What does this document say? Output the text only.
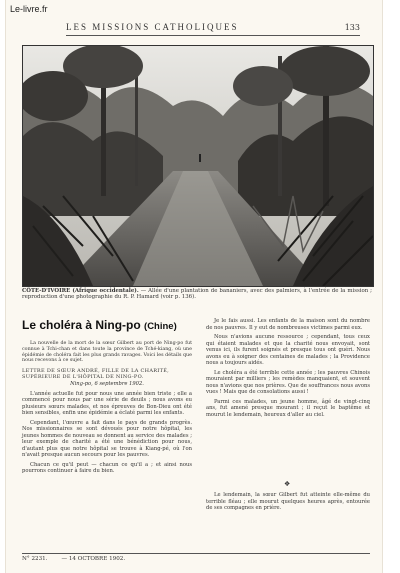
Le-livre.fr
LES MISSIONS CATHOLIQUES	133
CÔTE-D'IVOIRE (Afrique occidentale). — Allée d'une plantation de bananiers, avec des palmiers, à l'entrée de la mission ; reproduction d'une photographie du R. P. Hamard (voir p. 136).
Le choléra à Ning-po (Chine)

La nouvelle de la mort de la sœur Gilbert au port de Ning-po fut connue à Tchi-chan et dans toute la province de Tché-kiang, où une épidémie de choléra fait les plus grands ravages. Voici les détails que nous recevons à ce sujet.

LETTRE DE SŒUR ANDRÉ, FILLE DE LA CHARITÉ, SUPÉRIEURE DE L'HÔPITAL DE NING-PO.
Ning-po, 6 septembre 1902.

L'année actuelle fut pour nous une année bien triste ; elle a commencé pour nous par une série de deuils ; nous avons eu plusieurs sœurs malades, et nos épreuves de Bon-Dieu ont été bien sensibles, enfin une épidémie a éclaté parmi les enfants.

Cependant, l'œuvre a fait dans le pays de grands progrès. Nos missionnaires se sont dévoués pour notre hôpital, les jeunes hommes de nouveau se donnent au service des malades ; leur exemple de charité a été une bénédiction pour nous, d'autant plus que notre hôpital se trouve à Kiang-pé, où l'on n'avait presque aucun secours pour les pauvres.

Chacun ce qu'il peut — chacun ce qu'il a ; et ainsi nous pourrons continuer à faire du bien.

Je le fais aussi. Les enfants de la maison sont du nombre de nos pauvres. Il y eut de nombreuses victimes parmi eux.

Nous n'avions aucune ressource ; cependant, tous ceux qui étaient malades et que la charité nous envoyait, sont venus ici, ils furent soignés et presque tous ont guéri. Nous avons eu à soigner des centaines de malades ; la Providence nous a toujours aidés.

Le choléra a été terrible cette année ; les pauvres Chinois mouraient par milliers ; les remèdes manquaient, et souvent nous n'avions que nos prières. Que de souffrances nous avons vues ! Mais que de consolations aussi !

Parmi ces malades, un jeune homme, âgé de vingt-cinq ans, fut amené presque mourant ; il reçut le baptême et mourut le lendemain, heureux d'aller au ciel.

❖

Le lendemain, la sœur Gilbert fut atteinte elle-même du terrible fléau ; elle mourut quelques heures après, entourée de ses compagnes en prière.

N° 2231.	— 14 OCTOBRE 1902.
